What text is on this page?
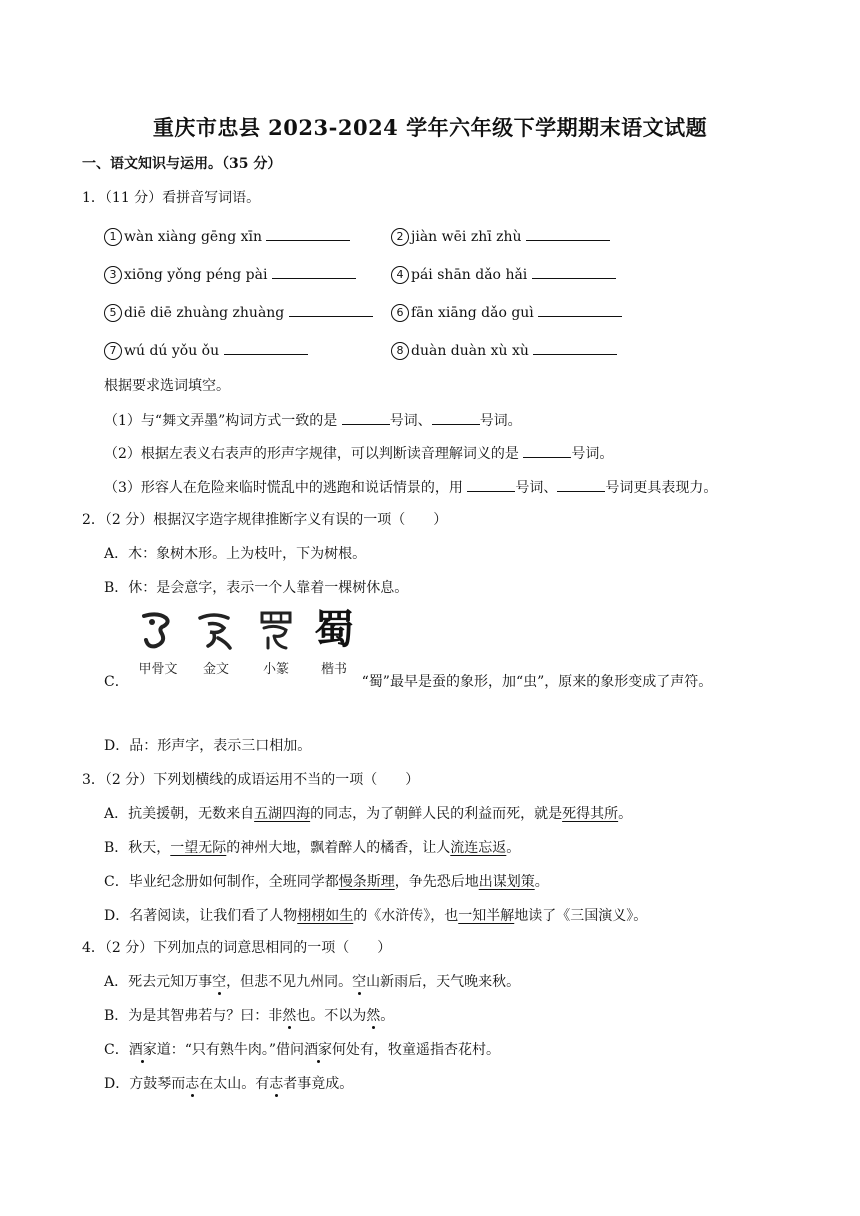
重庆市忠县 2023-2024 学年六年级下学期期末语文试题
一、语文知识与运用。（35 分）
1．（11 分）看拼音写词语。
1 wàn xiàng gēng xīn	2 jiàn wēi zhī zhù
3 xiōng yǒng péng pài	4 pái shān dǎo hǎi
5 diē diē zhuàng zhuàng	6 fān xiāng dǎo guì
7 wú dú yǒu ǒu	8 duàn duàn xù xù
根据要求选词填空。
（1）与“舞文弄墨”构词方式一致的是	号词、	号词。
（2）根据左表义右表声的形声字规律，可以判断读音理解词义的是	号词。
（3）形容人在危险来临时慌乱中的逃跑和说话情景的，用	号词、	号词更具表现力。
2．（2 分）根据汉字造字规律推断字义有误的一项（　　）
A．木：象树木形。上为枝叶，下为树根。
B．休：是会意字，表示一个人靠着一棵树休息。
甲骨文	金文	小篆
蜀
楷书
C．	“蜀”最早是蚕的象形，加“虫”，原来的象形变成了声符。
D．品：形声字，表示三口相加。
3．（2 分）下列划横线的成语运用不当的一项（　　）
A．抗美援朝，无数来自五湖四海的同志，为了朝鲜人民的利益而死，就是死得其所。
B．秋天，一望无际的神州大地，飘着醉人的橘香，让人流连忘返。
C．毕业纪念册如何制作，全班同学都慢条斯理，争先恐后地出谋划策。
D．名著阅读，让我们看了人物栩栩如生的《水浒传》，也一知半解地读了《三国演义》。
4．（2 分）下列加点的词意思相同的一项（　　）
A．死去元知万事空，但悲不见九州同。空山新雨后，天气晚来秋。
B．为是其智弗若与？曰：非然也。不以为然。
C．酒家道：“只有熟牛肉。”借问酒家何处有，牧童遥指杏花村。
D．方鼓琴而志在太山。有志者事竟成。
